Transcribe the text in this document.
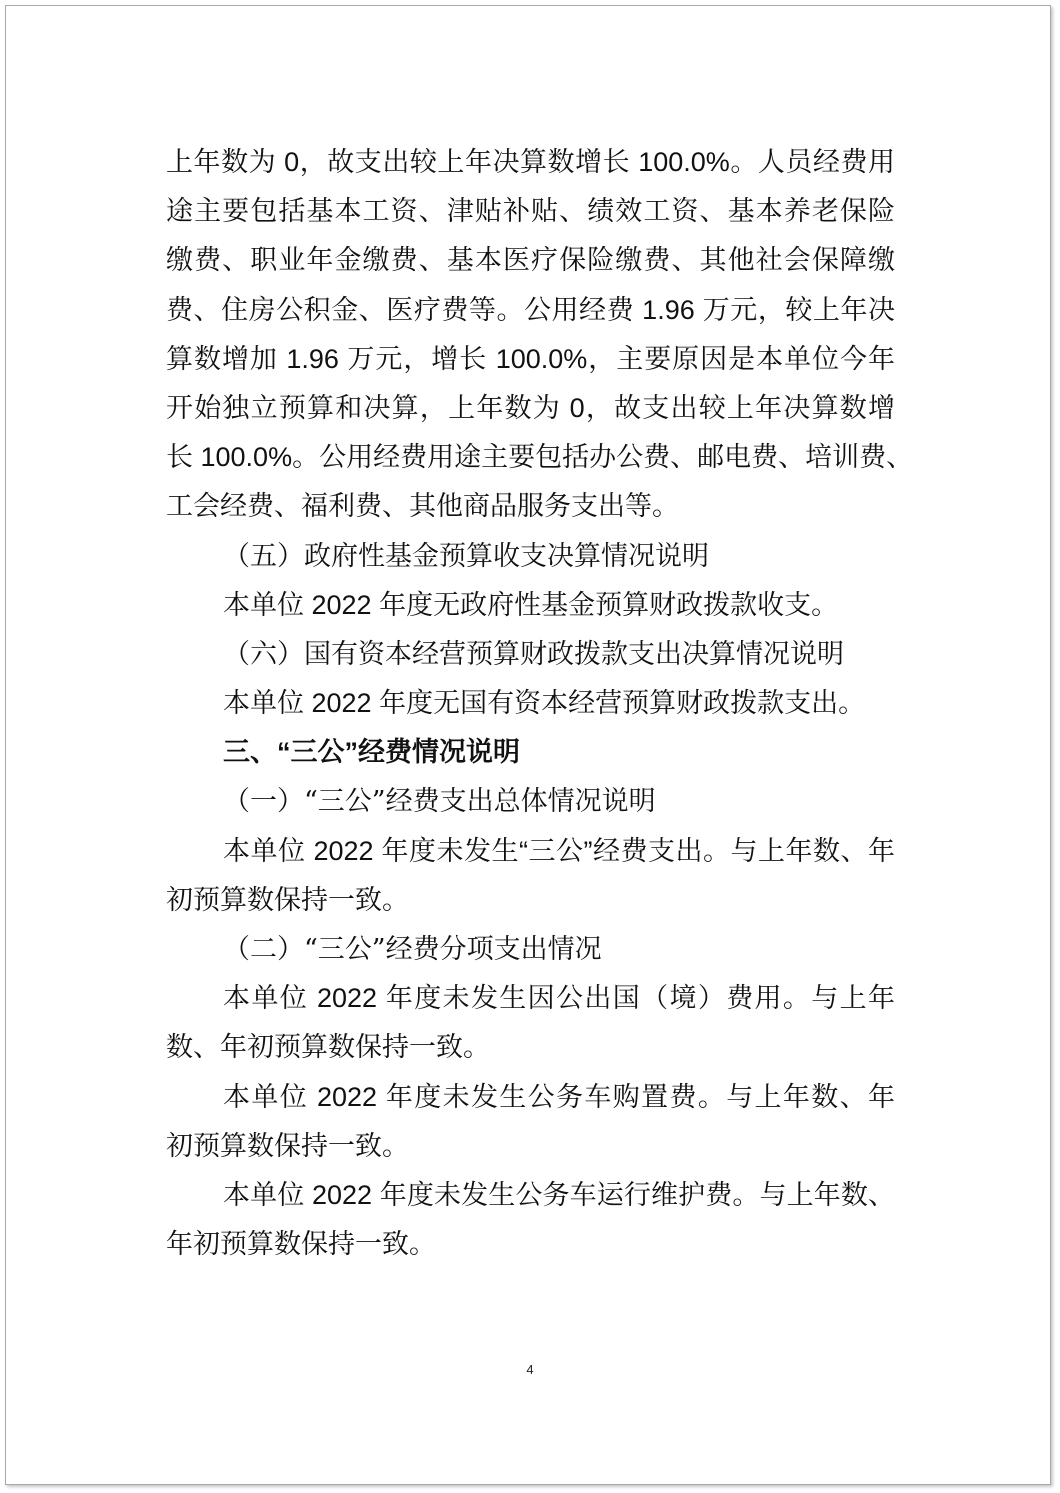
上年数为 0，故支出较上年决算数增长 100.0%。人员经费用
途主要包括基本工资、津贴补贴、绩效工资、基本养老保险
缴费、职业年金缴费、基本医疗保险缴费、其他社会保障缴
费、住房公积金、医疗费等。公用经费 1.96 万元，较上年决
算数增加 1.96 万元，增长 100.0%，主要原因是本单位今年
开始独立预算和决算，上年数为 0，故支出较上年决算数增
长 100.0%。公用经费用途主要包括办公费、邮电费、培训费、
工会经费、福利费、其他商品服务支出等。
（五）政府性基金预算收支决算情况说明
本单位 2022 年度无政府性基金预算财政拨款收支。
（六）国有资本经营预算财政拨款支出决算情况说明
本单位 2022 年度无国有资本经营预算财政拨款支出。
三、“三公”经费情况说明
（一）“三公”经费支出总体情况说明
本单位 2022 年度未发生“三公”经费支出。与上年数、年
初预算数保持一致。
（二）“三公”经费分项支出情况
本单位 2022 年度未发生因公出国（境）费用。与上年
数、年初预算数保持一致。
本单位 2022 年度未发生公务车购置费。与上年数、年
初预算数保持一致。
本单位 2022 年度未发生公务车运行维护费。与上年数、
年初预算数保持一致。
4
